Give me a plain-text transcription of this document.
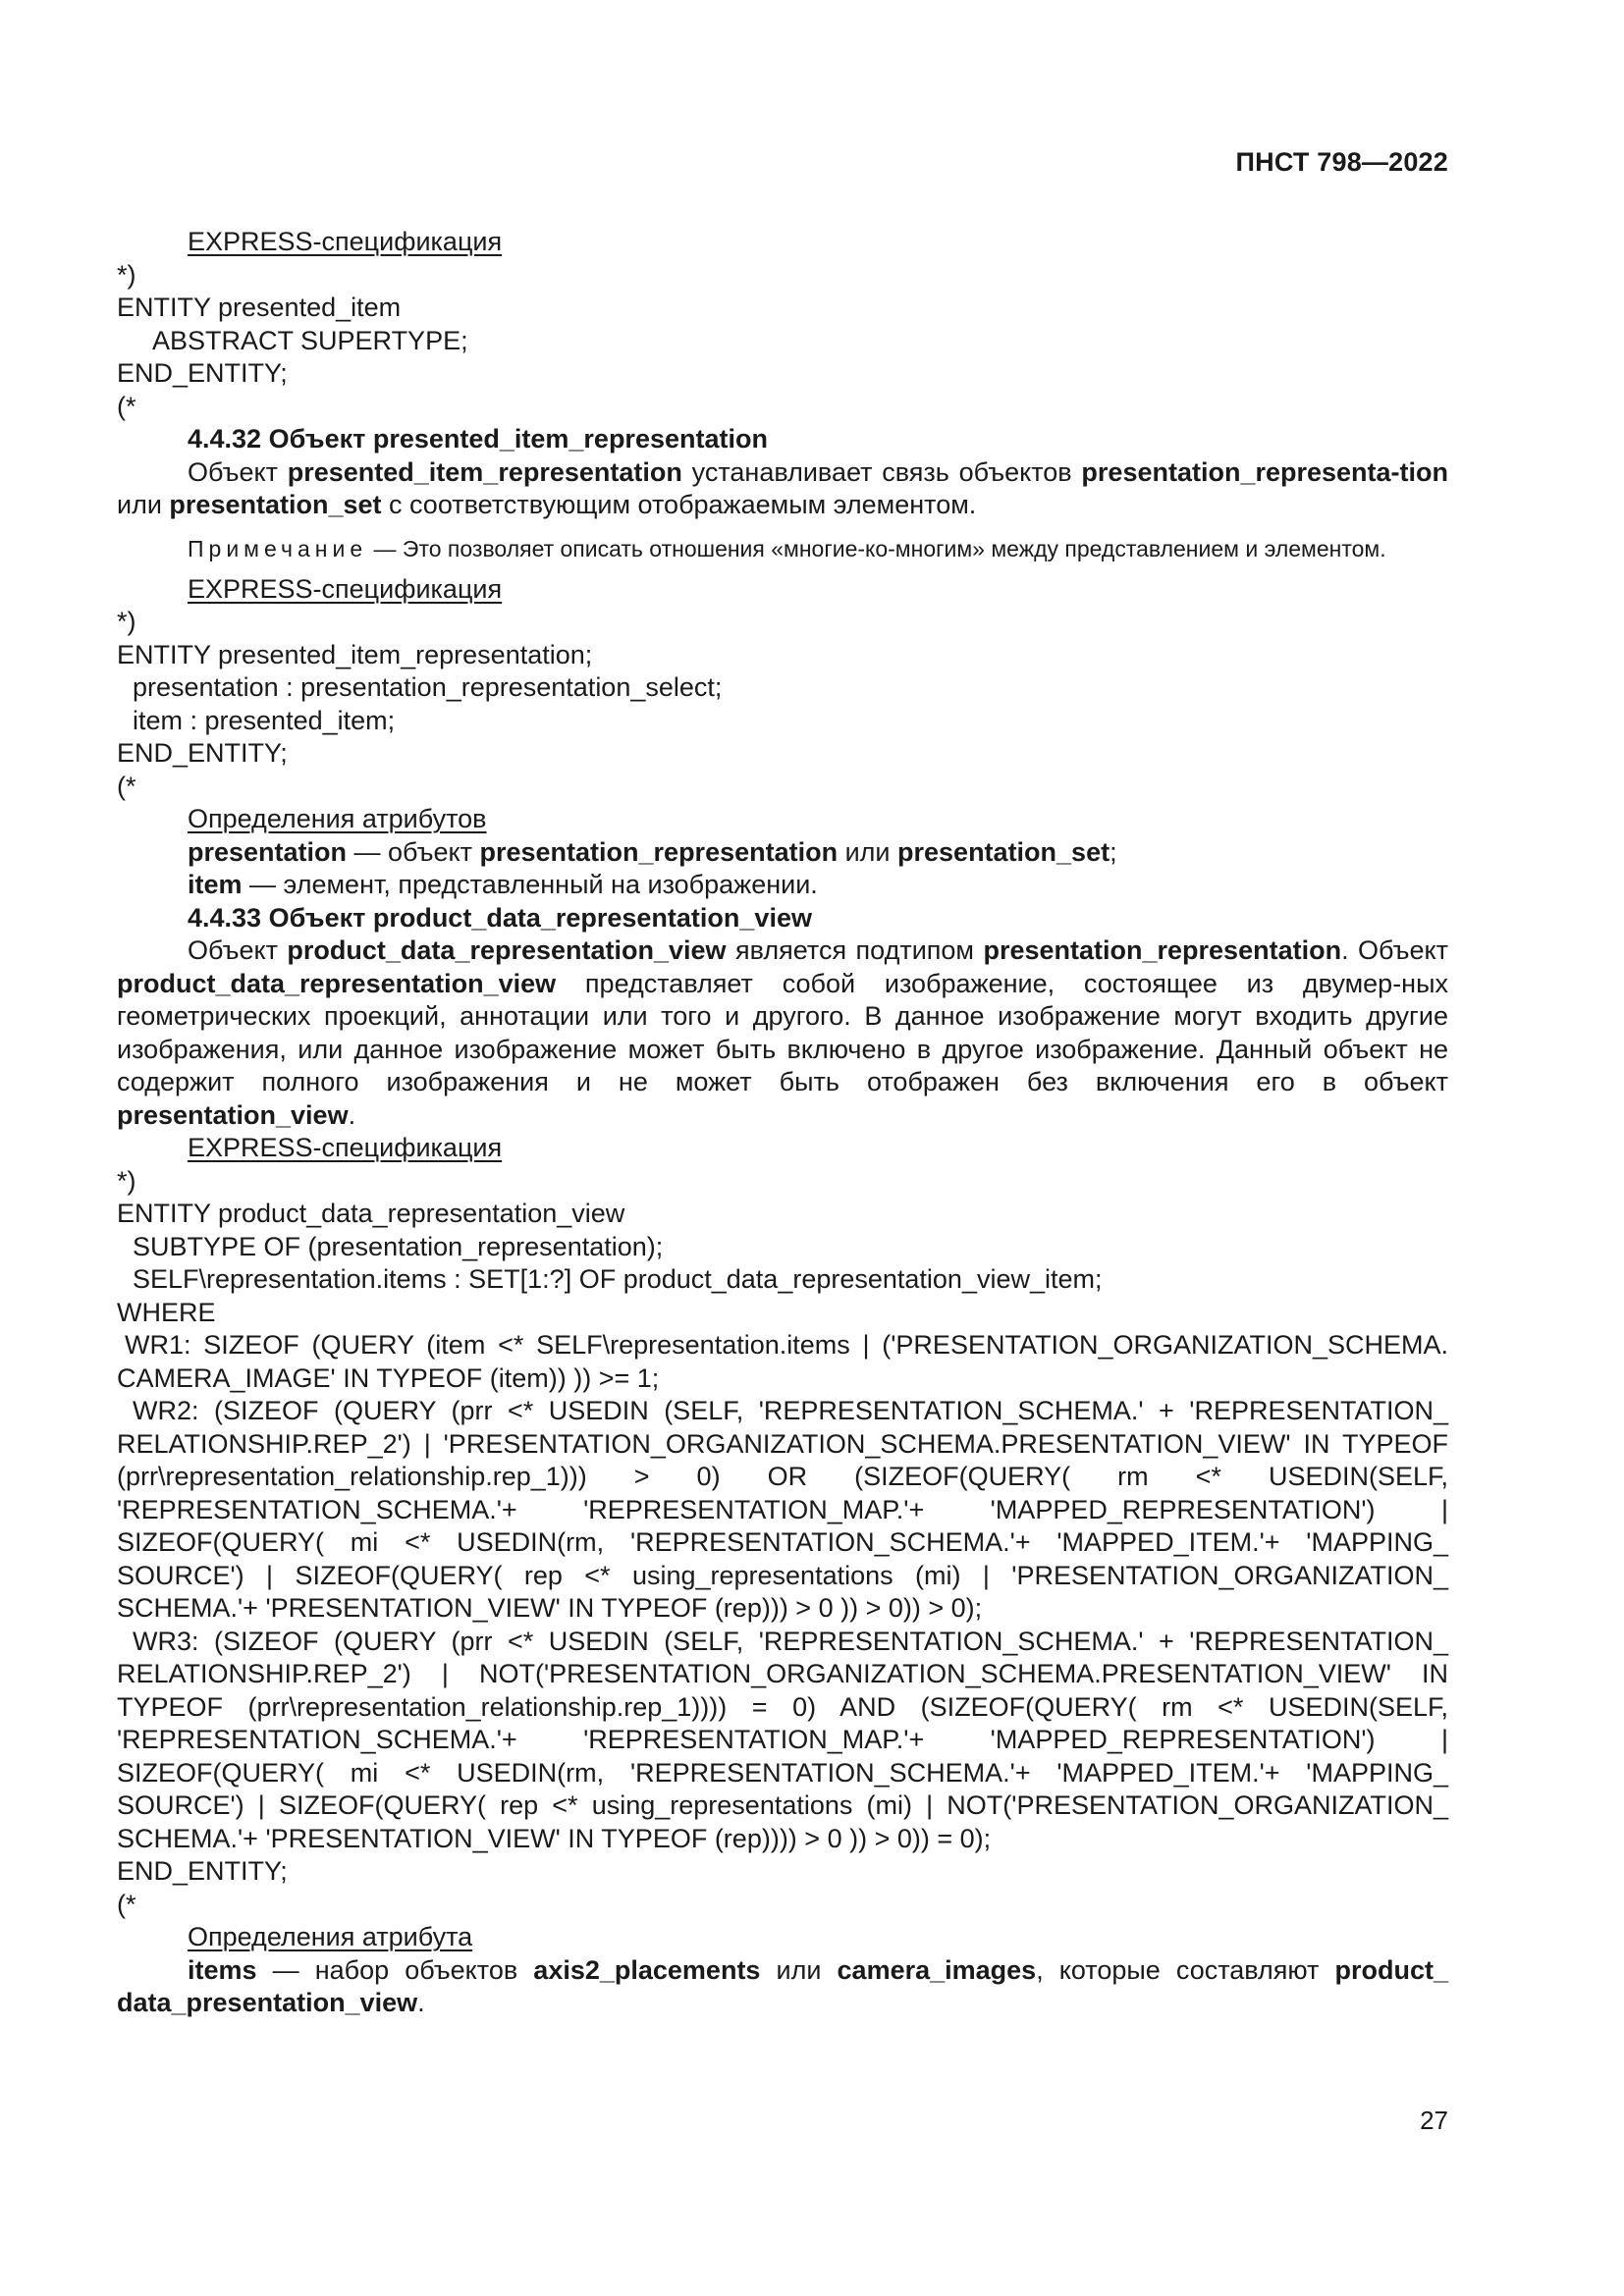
ПНСТ 798—2022

EXPRESS-спецификация

*)

ENTITY presented_item

ABSTRACT SUPERTYPE;

END_ENTITY;

(*

4.4.32 Объект presented_item_representation

Объект presented_item_representation устанавливает связь объектов presentation_representa-tion или presentation_set с соответствующим отображаемым элементом.

Примечание — Это позволяет описать отношения «многие-ко-многим» между представлением и элементом.

EXPRESS-спецификация

*)

ENTITY presented_item_representation;

presentation : presentation_representation_select;

item : presented_item;

END_ENTITY;

(*

Определения атрибутов

presentation — объект presentation_representation или presentation_set;

item — элемент, представленный на изображении.

4.4.33 Объект product_data_representation_view

Объект product_data_representation_view является подтипом presentation_representation. Объект product_data_representation_view представляет собой изображение, состоящее из двумер-ных геометрических проекций, аннотации или того и другого. В данное изображение могут входить другие изображения, или данное изображение может быть включено в другое изображение. Данный объект не содержит полного изображения и не может быть отображен без включения его в объект presentation_view.

EXPRESS-спецификация

*)

ENTITY product_data_representation_view

SUBTYPE OF (presentation_representation);

SELF\representation.items : SET[1:?] OF product_data_representation_view_item;

WHERE

WR1: SIZEOF (QUERY (item <* SELF\representation.items | ('PRESENTATION_ORGANIZATION_SCHEMA. CAMERA_IMAGE' IN TYPEOF (item)) )) >= 1;

WR2: (SIZEOF (QUERY (prr <* USEDIN (SELF, 'REPRESENTATION_SCHEMA.' + 'REPRESENTATION_ RELATIONSHIP.REP_2') | 'PRESENTATION_ORGANIZATION_SCHEMA.PRESENTATION_VIEW' IN TYPEOF (prr\representation_relationship.rep_1))) > 0) OR (SIZEOF(QUERY( rm <* USEDIN(SELF, 'REPRESENTATION_SCHEMA.'+ 'REPRESENTATION_MAP.'+ 'MAPPED_REPRESENTATION') | SIZEOF(QUERY( mi <* USEDIN(rm, 'REPRESENTATION_SCHEMA.'+ 'MAPPED_ITEM.'+ 'MAPPING_ SOURCE') | SIZEOF(QUERY( rep <* using_representations (mi) | 'PRESENTATION_ORGANIZATION_ SCHEMA.'+ 'PRESENTATION_VIEW' IN TYPEOF (rep))) > 0 )) > 0)) > 0);

WR3: (SIZEOF (QUERY (prr <* USEDIN (SELF, 'REPRESENTATION_SCHEMA.' + 'REPRESENTATION_ RELATIONSHIP.REP_2') | NOT('PRESENTATION_ORGANIZATION_SCHEMA.PRESENTATION_VIEW' IN TYPEOF (prr\representation_relationship.rep_1)))) = 0) AND (SIZEOF(QUERY( rm <* USEDIN(SELF, 'REPRESENTATION_SCHEMA.'+ 'REPRESENTATION_MAP.'+ 'MAPPED_REPRESENTATION') | SIZEOF(QUERY( mi <* USEDIN(rm, 'REPRESENTATION_SCHEMA.'+ 'MAPPED_ITEM.'+ 'MAPPING_ SOURCE') | SIZEOF(QUERY( rep <* using_representations (mi) | NOT('PRESENTATION_ORGANIZATION_ SCHEMA.'+ 'PRESENTATION_VIEW' IN TYPEOF (rep)))) > 0 )) > 0)) = 0);

END_ENTITY;

(*

Определения атрибута

items — набор объектов axis2_placements или camera_images, которые составляют product_ data_presentation_view.

27
